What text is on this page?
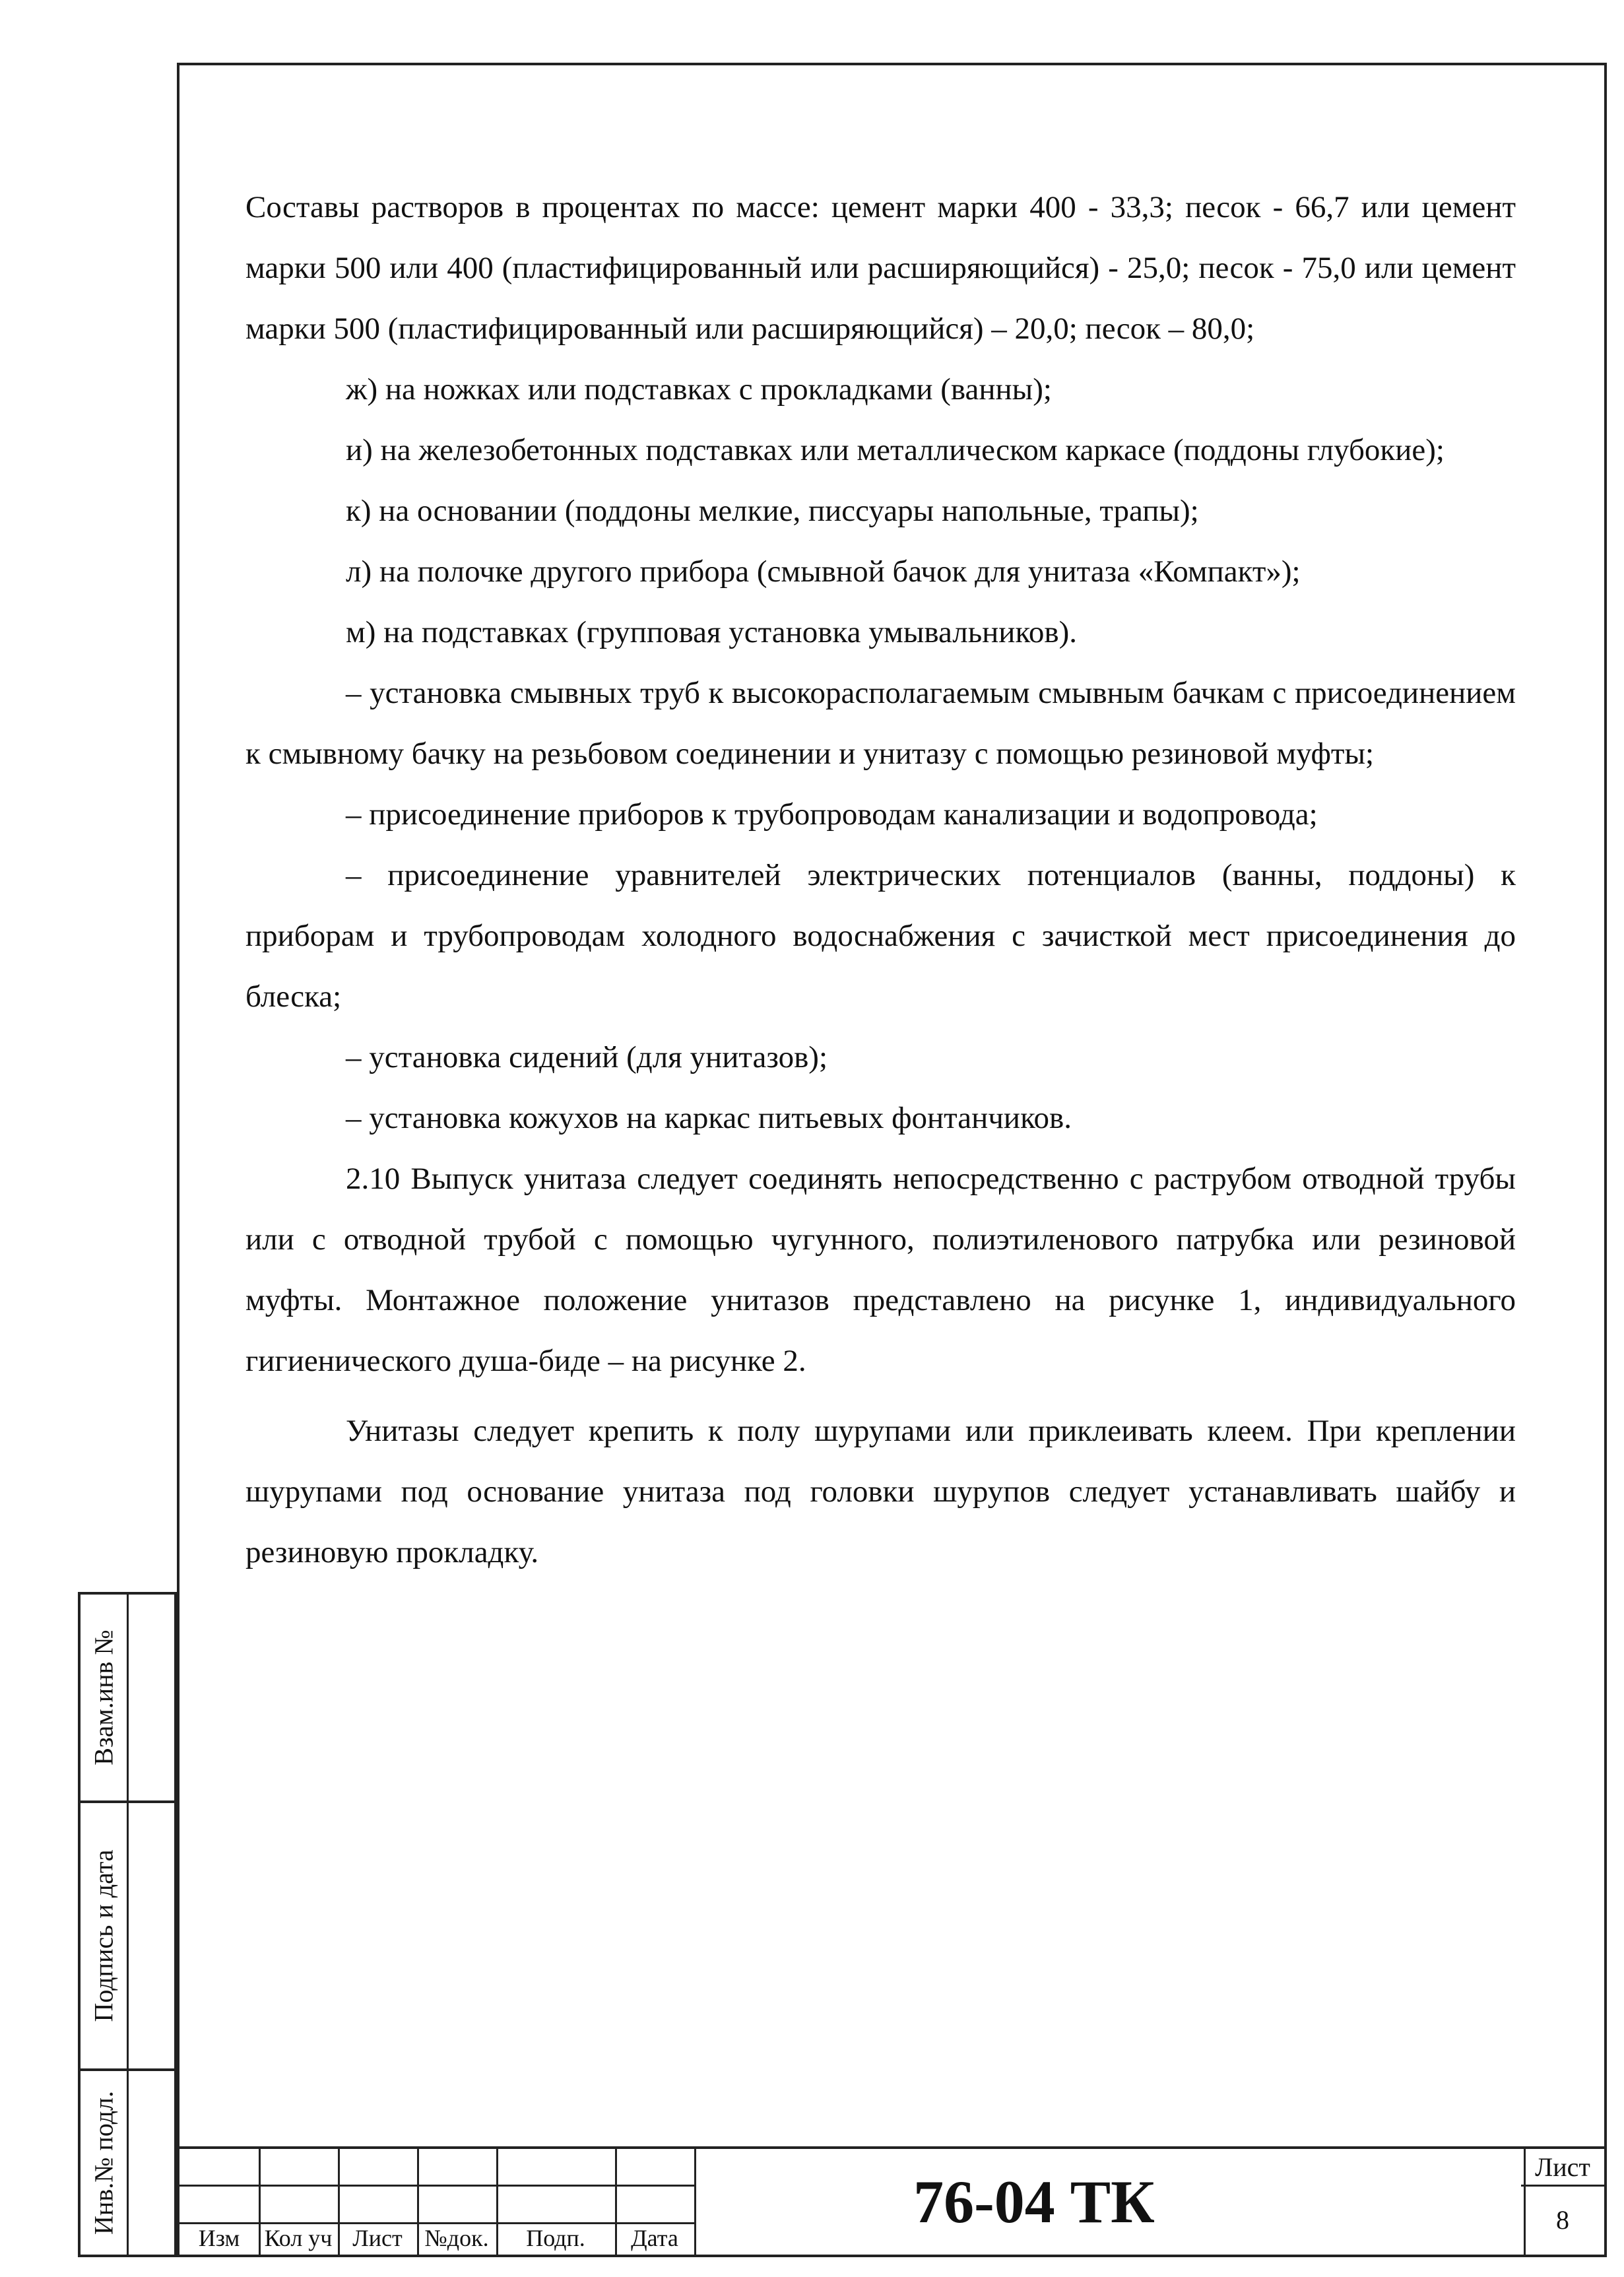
Составы растворов в процентах по массе: цемент марки 400 - 33,3; песок - 66,7 или цемент марки 500 или 400 (пластифицированный или расширяющийся) - 25,0; песок - 75,0 или цемент марки 500 (пластифицированный или расширяющийся) – 20,0; песок – 80,0;

ж) на ножках или подставках с прокладками (ванны);

и) на железобетонных подставках или металлическом каркасе (поддоны глубокие);

к) на основании (поддоны мелкие, писсуары напольные, трапы);

л) на полочке другого прибора (смывной бачок для унитаза «Компакт»);

м) на подставках (групповая установка умывальников).

– установка смывных труб к высокорасполагаемым смывным бачкам с присоединением к смывному бачку на резьбовом соединении и унитазу с помощью резиновой муфты;

– присоединение приборов к трубопроводам канализации и водопровода;

– присоединение уравнителей электрических потенциалов (ванны, поддоны) к приборам и трубопроводам холодного водоснабжения с зачисткой мест присоединения до блеска;

– установка сидений (для унитазов);

– установка кожухов на каркас питьевых фонтанчиков.

2.10 Выпуск унитаза следует соединять непосредственно с раструбом отводной трубы или с отводной трубой с помощью чугунного, полиэтиленового патрубка или резиновой муфты. Монтажное положение унитазов представлено на рисунке 1, индивидуального гигиенического душа-биде – на рисунке 2.

Унитазы следует крепить к полу шурупами или приклеивать клеем. При креплении шурупами под основание унитаза под головки шурупов следует устанавливать шайбу и резиновую прокладку.

Взам.инв №
Подпись и дата
Инв.№ подл.
Изм	Кол уч Лист №док.	Подп.	Дата
76-04 ТК
Лист
8
